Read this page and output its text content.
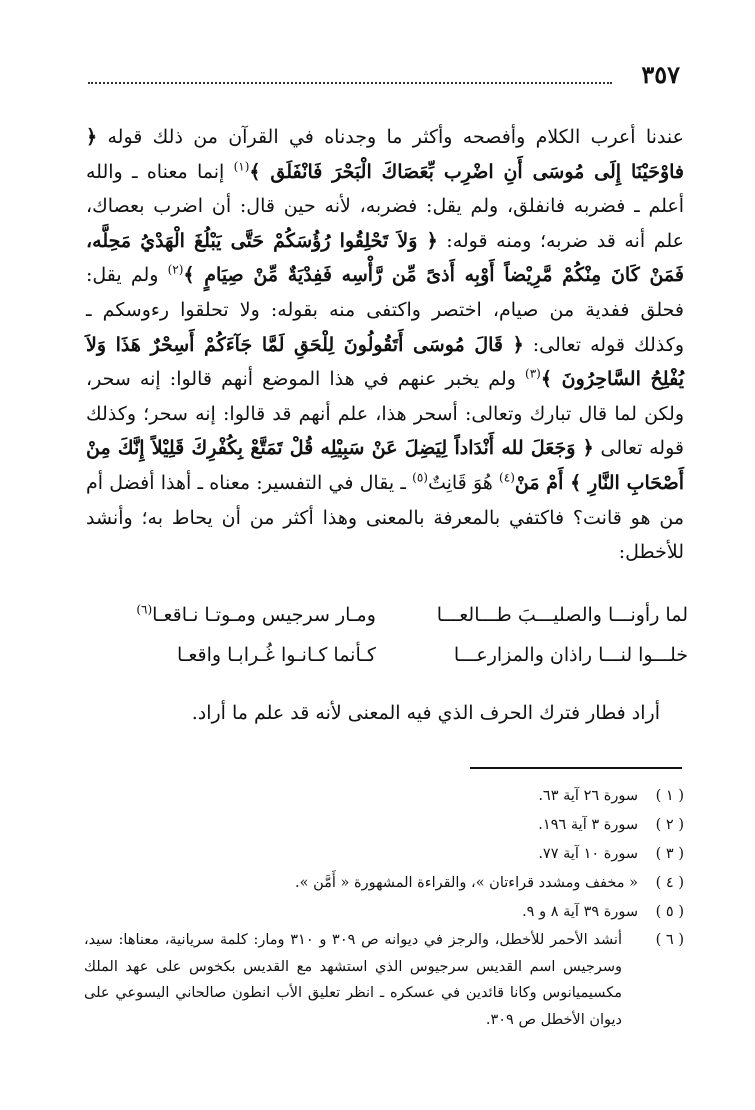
٣٥٧

عندنا أعرب الكلام وأفصحه وأكثر ما وجدناه في القرآن من ذلك قوله ﴿ فاوْحَيْنَا إِلَى مُوسَى أَنِ اضْرِب بِّعَصَاكَ الْبَحْرَ فَانْفَلَق ﴾$^{(١)}$ إنما معناه ـ والله أعلم ـ فضربه فانفلق، ولم يقل: فضربه، لأنه حين قال: أن اضرب بعصاك، علم أنه قد ضربه؛ ومنه قوله: ﴿ وَلاَ تَحْلِقُوا رُؤُسَكُمْ حَتَّى يَبْلُغَ الْهَدْيُ مَحِلَّه، فَمَنْ كَانَ مِنْكُمْ مَّرِيْضاً أَوْبِه أَذىً مِّن رَّأْسِه فَفِدْيَةٌ مِّنْ صِيَامٍ ﴾$^{(٢)}$ ولم يقل: فحلق ففدية من صيام، اختصر واكتفى منه بقوله: ولا تحلقوا رءوسكم ـ وكذلك قوله تعالى: ﴿ قَالَ مُوسَى أَتَقُولُونَ لِلْحَقِ لَمَّا جَآءَكُمْ أَسِحْرٌ هَذَا وَلاَ يُفْلِحُ السَّاحِرُونَ ﴾$^{(٣)}$ ولم يخبر عنهم في هذا الموضع أنهم قالوا: إنه سحر، ولكن لما قال تبارك وتعالى: أسحر هذا، علم أنهم قد قالوا: إنه سحر؛ وكذلك قوله تعالى ﴿ وَجَعَلَ لله أَنْدَاداً لِيَضِلَ عَنْ سَبِيْلِه قُلْ تَمَتَّعْ بِكُفْرِكَ قَلِيْلاً إِنَّكَ مِنْ أَصْحَابِ النَّارِ ﴾ أَمْ مَنْ$^{(٤)}$ هُوَ قَانِتٌ$^{(٥)}$ ـ يقال في التفسير: معناه ـ أهذا أفضل أم من هو قانت؟ فاكتفي بالمعرفة بالمعنى وهذا أكثر من أن يحاط به؛ وأنشد للأخطل:

لما رأونـــا والصليـــبَ طـــالعـــا
ومـار سرجيس ومـوتـا نـاقعـا$^{(٦)}$
خلـــوا لنـــا راذان والمزارعـــا
كـأنما كـانـوا غُـرابـا واقعـا

أراد فطار فترك الحرف الذي فيه المعنى لأنه قد علم ما أراد.

( ١ )
سورة ٢٦ آية ٦٣.
( ٢ )
سورة ٣ آية ١٩٦.
( ٣ )
سورة ١٠ آية ٧٧.
( ٤ )
« مخفف ومشدد قراءتان »، والقراءة المشهورة « أَمَّن ».
( ٥ )
سورة ٣٩ آية ٨ و ٩.
( ٦ )
أنشد الأحمر للأخطل، والرجز في ديوانه ص ٣٠٩ و ٣١٠ ومار: كلمة سريانية، معناها: سيد، وسرجيس اسم القديس سرجيوس الذي استشهد مع القديس بكخوس على عهد الملك مكسيميانوس وكانا قائدين في عسكره ـ انظر تعليق الأب انطون صالحاني اليسوعي على ديوان الأخطل ص ٣٠٩.
